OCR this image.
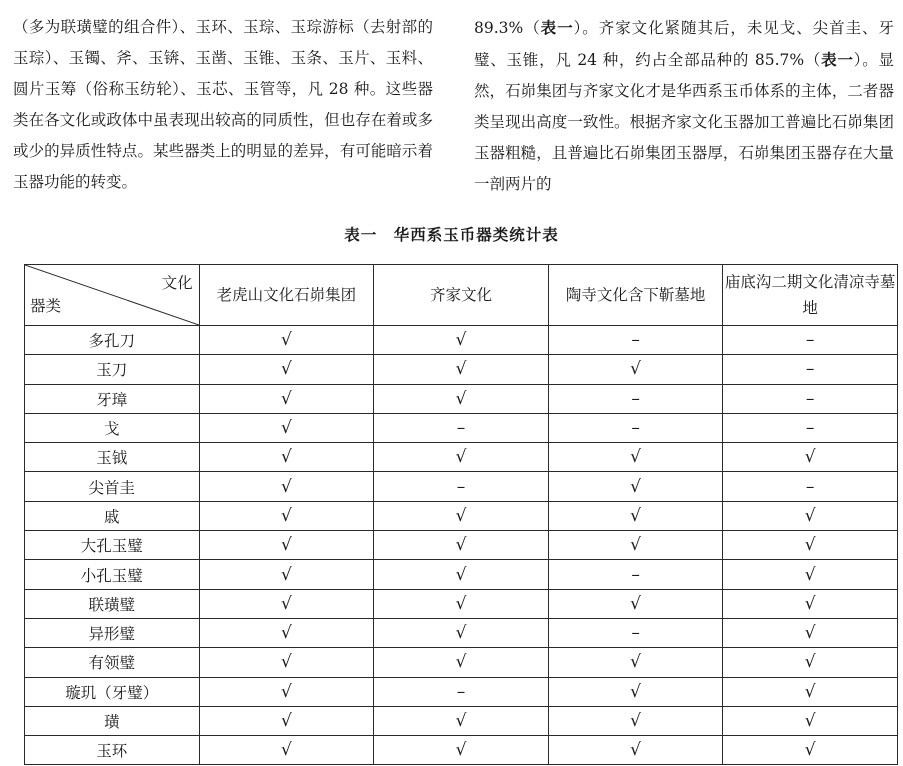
（多为联璜璧的组合件）、玉环、玉琮、玉琮游标（去射部的玉琮）、玉镯、斧、玉锛、玉凿、玉锥、玉条、玉片、玉料、圆片玉筹（俗称玉纺轮）、玉芯、玉管等，凡 28 种。这些器类在各文化或政体中虽表现出较高的同质性，但也存在着或多或少的异质性特点。某些器类上的明显的差异，有可能暗示着玉器功能的转变。

89.3%（表一）。齐家文化紧随其后，未见戈、尖首圭、牙璧、玉锥，凡 24 种，约占全部品种的 85.7%（表一）。显然，石峁集团与齐家文化才是华西系玉币体系的主体，二者器类呈现出高度一致性。根据齐家文化玉器加工普遍比石峁集团玉器粗糙，且普遍比石峁集团玉器厚，石峁集团玉器存在大量一剖两片的

表一　华西系玉币器类统计表
文化
器类	老虎山文化石峁集团	齐家文化	陶寺文化含下靳墓地	庙底沟二期文化清凉寺墓地
多孔刀	√	√	–	–
玉刀	√	√	√	–
牙璋	√	√	–	–
戈	√	–	–	–
玉钺	√	√	√	√
尖首圭	√	–	√	–
戚	√	√	√	√
大孔玉璧	√	√	√	√
小孔玉璧	√	√	–	√
联璜璧	√	√	√	√
异形璧	√	√	–	√
有领璧	√	√	√	√
璇玑（牙璧）	√	–	√	√
璜	√	√	√	√
玉环	√	√	√	√
